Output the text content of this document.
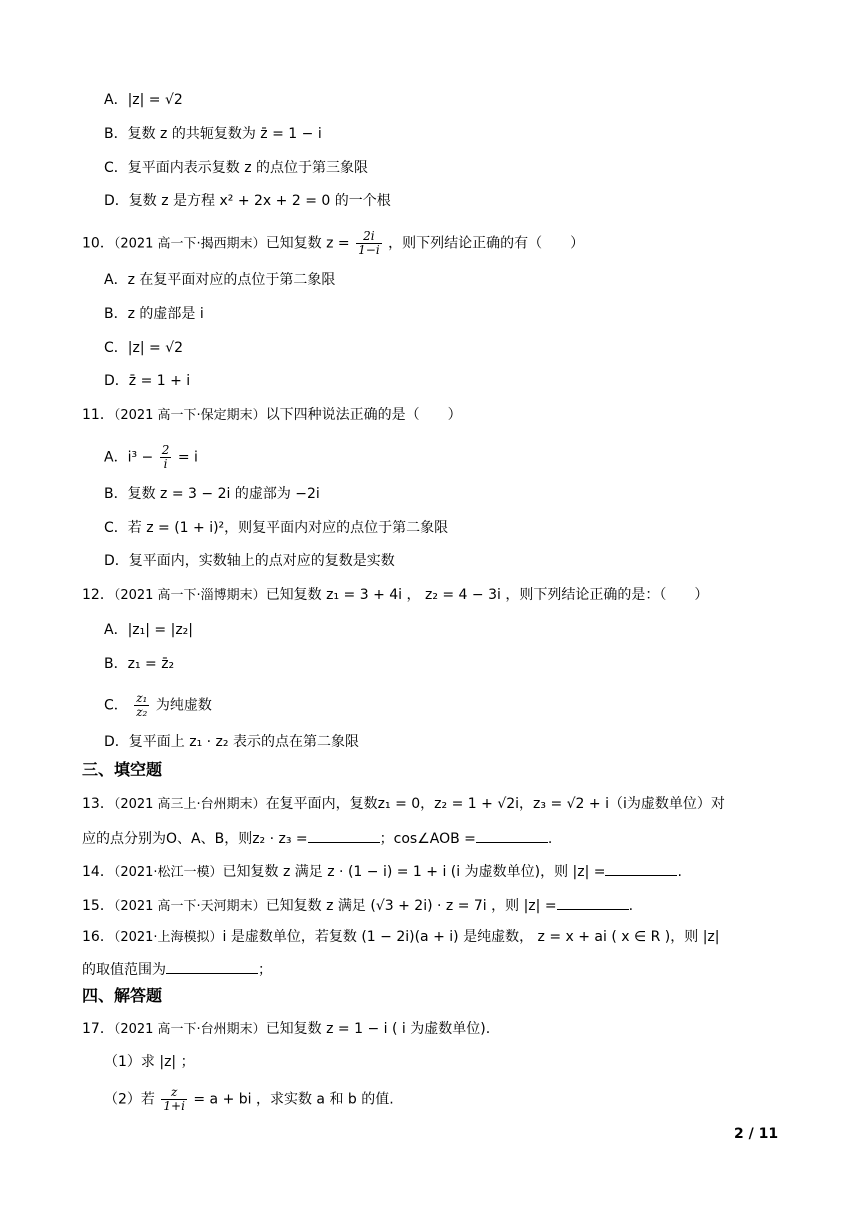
A．|z| = √2
B．复数 z 的共轭复数为 z̄ = 1 − i
C．复平面内表示复数 z 的点位于第三象限
D．复数 z 是方程 x² + 2x + 2 = 0 的一个根
10．（2021 高一下·揭西期末）已知复数 $z = \frac{2i}{1-i}$ ，则下列结论正确的有（　　）
A．z 在复平面对应的点位于第二象限
B．z 的虚部是 i
C．|z| = √2
D．z̄ = 1 + i
11．（2021 高一下·保定期末）以下四种说法正确的是（　　）
A．$i^3 - \frac{2}{i} = i$
B．复数 z = 3 − 2i 的虚部为 −2i
C．若 z = (1 + i)²，则复平面内对应的点位于第二象限
D．复平面内，实数轴上的点对应的复数是实数
12．（2021 高一下·淄博期末）已知复数 z₁ = 3 + 4i ， z₂ = 4 − 3i ，则下列结论正确的是：（　　）
A．|z₁| = |z₂|
B．z₁ = z̄₂
C． $\frac{\text{z₁}}{\text{z₂}}$ 为纯虚数
D．复平面上 z₁ · z₂ 表示的点在第二象限
三、填空题
13．（2021 高三上·台州期末）在复平面内，复数z₁ = 0，z₂ = 1 + √2i，z₃ = √2 + i（i为虚数单位）对
应的点分别为O、A、B，则z₂ · z₃ =	；cos∠AOB =	.
14．（2021·松江一模）已知复数 z 满足 z · (1 − i) = 1 + i (i 为虚数单位)，则 |z| =	.
15．（2021 高一下·天河期末）已知复数 z 满足 (√3 + 2i) · z = 7i ，则 |z| =	.
16．（2021·上海模拟）i 是虚数单位，若复数 (1 − 2i)(a + i) 是纯虚数， z = x + ai ( x ∈ R )，则 |z|
的取值范围为	；
四、解答题
17．（2021 高一下·台州期末）已知复数 z = 1 − i ( i 为虚数单位).
（1）求 |z| ；
（2）若 $\frac{z}{1+i} = a$ + bi ，求实数 a 和 b 的值.
2 / 11
